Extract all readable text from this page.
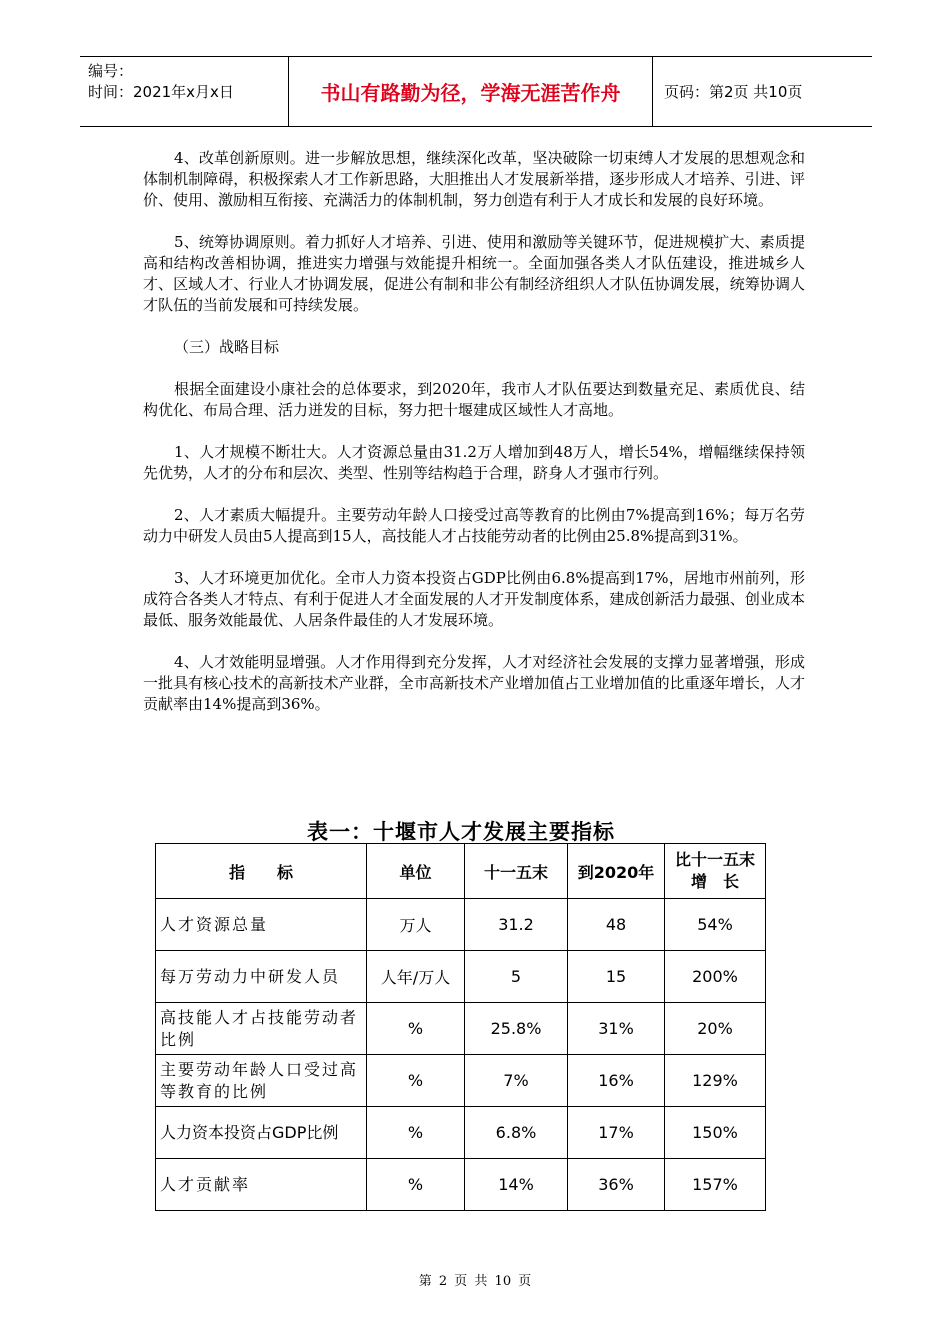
编号：
时间：2021年x月x日	书山有路勤为径，学海无涯苦作舟	页码：第2页 共10页

4、改革创新原则。进一步解放思想，继续深化改革，坚决破除一切束缚人才发展的思想观念和体制机制障碍，积极探索人才工作新思路，大胆推出人才发展新举措，逐步形成人才培养、引进、评价、使用、激励相互衔接、充满活力的体制机制，努力创造有利于人才成长和发展的良好环境。

5、统筹协调原则。着力抓好人才培养、引进、使用和激励等关键环节，促进规模扩大、素质提高和结构改善相协调，推进实力增强与效能提升相统一。全面加强各类人才队伍建设，推进城乡人才、区域人才、行业人才协调发展，促进公有制和非公有制经济组织人才队伍协调发展，统筹协调人才队伍的当前发展和可持续发展。

（三）战略目标

根据全面建设小康社会的总体要求，到2020年，我市人才队伍要达到数量充足、素质优良、结构优化、布局合理、活力迸发的目标，努力把十堰建成区域性人才高地。

1、人才规模不断壮大。人才资源总量由31.2万人增加到48万人，增长54%，增幅继续保持领先优势，人才的分布和层次、类型、性别等结构趋于合理，跻身人才强市行列。

2、人才素质大幅提升。主要劳动年龄人口接受过高等教育的比例由7%提高到16%；每万名劳动力中研发人员由5人提高到15人，高技能人才占技能劳动者的比例由25.8%提高到31%。

3、人才环境更加优化。全市人力资本投资占GDP比例由6.8%提高到17%，居地市州前列，形成符合各类人才特点、有利于促进人才全面发展的人才开发制度体系，建成创新活力最强、创业成本最低、服务效能最优、人居条件最佳的人才发展环境。

4、人才效能明显增强。人才作用得到充分发挥，人才对经济社会发展的支撑力显著增强，形成一批具有核心技术的高新技术产业群，全市高新技术产业增加值占工业增加值的比重逐年增长，人才贡献率由14%提高到36%。

表一：十堰市人才发展主要指标
指　　标	单位	十一五末	到2020年	比十一五末增　长
人才资源总量	万人	31.2	48	54%
每万劳动力中研发人员	人年/万人	5	15	200%
高技能人才占技能劳动者比例	%	25.8%	31%	20%
主要劳动年龄人口受过高等教育的比例	%	7%	16%	129%
人力资本投资占GDP比例	%	6.8%	17%	150%
人才贡献率	%	14%	36%	157%
第 2 页 共 10 页
